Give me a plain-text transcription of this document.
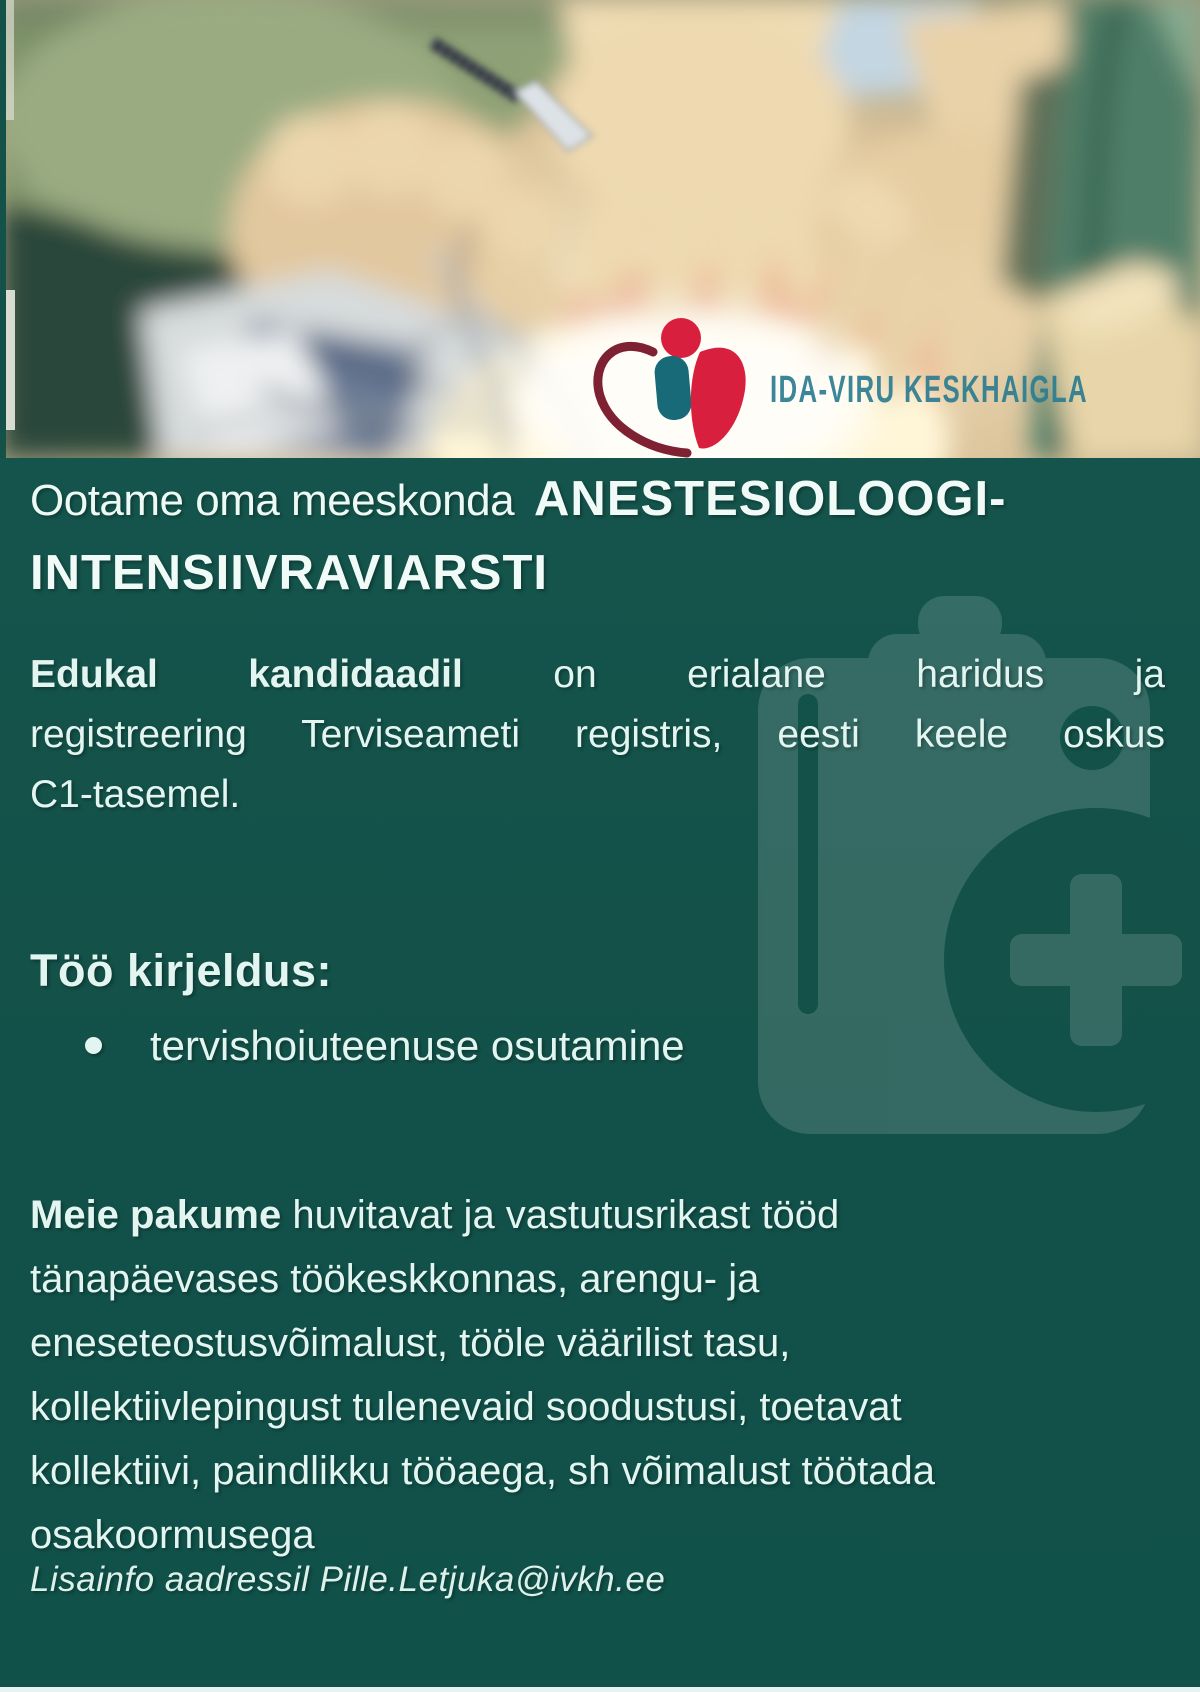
IDA-VIRU KESKHAIGLA
Ootame oma meeskonda ANESTESIOLOOGI-
INTENSIIVRAVIARSTI
Edukal kandidaadil on erialane haridus ja
registreering Terviseameti registris, eesti keele oskus
C1-tasemel.
Töö kirjeldus:
tervishoiuteenuse osutamine
Meie pakume huvitavat ja vastutusrikast tööd
tänapäevases töökeskkonnas, arengu- ja
eneseteostusvõimalust, tööle väärilist tasu,
kollektiivlepingust tulenevaid soodustusi, toetavat
kollektiivi, paindlikku tööaega, sh võimalust töötada
osakoormusega
Lisainfo aadressil Pille.Letjuka@ivkh.ee
